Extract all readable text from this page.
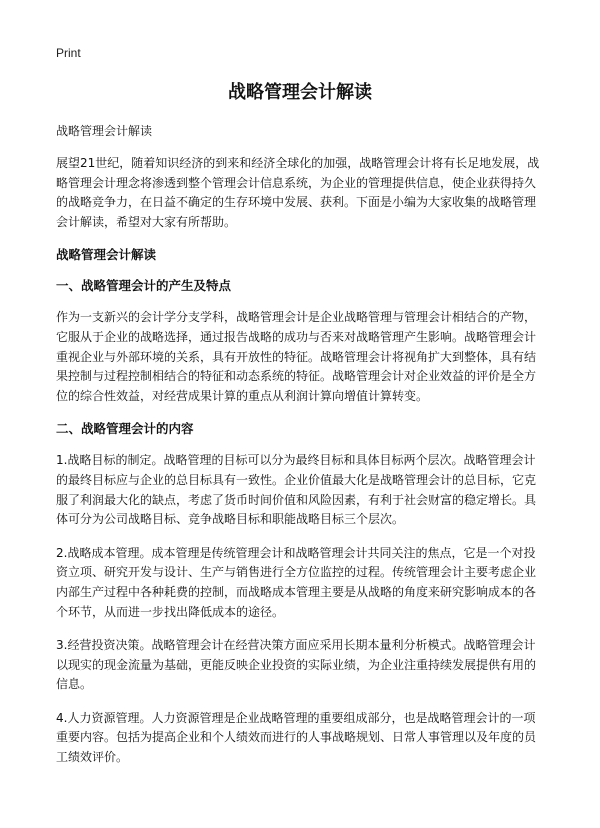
Print
战略管理会计解读

战略管理会计解读

展望21世纪，随着知识经济的到来和经济全球化的加强，战略管理会计将有长足地发展，战略管理会计理念将渗透到整个管理会计信息系统，为企业的管理提供信息，使企业获得持久的战略竞争力，在日益不确定的生存环境中发展、获利。下面是小编为大家收集的战略管理会计解读，希望对大家有所帮助。

战略管理会计解读

一、战略管理会计的产生及特点

作为一支新兴的会计学分支学科，战略管理会计是企业战略管理与管理会计相结合的产物，它服从于企业的战略选择，通过报告战略的成功与否来对战略管理产生影响。战略管理会计重视企业与外部环境的关系，具有开放性的特征。战略管理会计将视角扩大到整体，具有结果控制与过程控制相结合的特征和动态系统的特征。战略管理会计对企业效益的评价是全方位的综合性效益，对经营成果计算的重点从利润计算向增值计算转变。

二、战略管理会计的内容

1.战略目标的制定。战略管理的目标可以分为最终目标和具体目标两个层次。战略管理会计的最终目标应与企业的总目标具有一致性。企业价值最大化是战略管理会计的总目标，它克服了利润最大化的缺点，考虑了货币时间价值和风险因素，有利于社会财富的稳定增长。具体可分为公司战略目标、竞争战略目标和职能战略目标三个层次。

2.战略成本管理。成本管理是传统管理会计和战略管理会计共同关注的焦点，它是一个对投资立项、研究开发与设计、生产与销售进行全方位监控的过程。传统管理会计主要考虑企业内部生产过程中各种耗费的控制，而战略成本管理主要是从战略的角度来研究影响成本的各个环节，从而进一步找出降低成本的途径。

3.经营投资决策。战略管理会计在经营决策方面应采用长期本量利分析模式。战略管理会计以现实的现金流量为基础，更能反映企业投资的实际业绩，为企业注重持续发展提供有用的信息。

4.人力资源管理。人力资源管理是企业战略管理的重要组成部分，也是战略管理会计的一项重要内容。包括为提高企业和个人绩效而进行的人事战略规划、日常人事管理以及年度的员工绩效评价。
